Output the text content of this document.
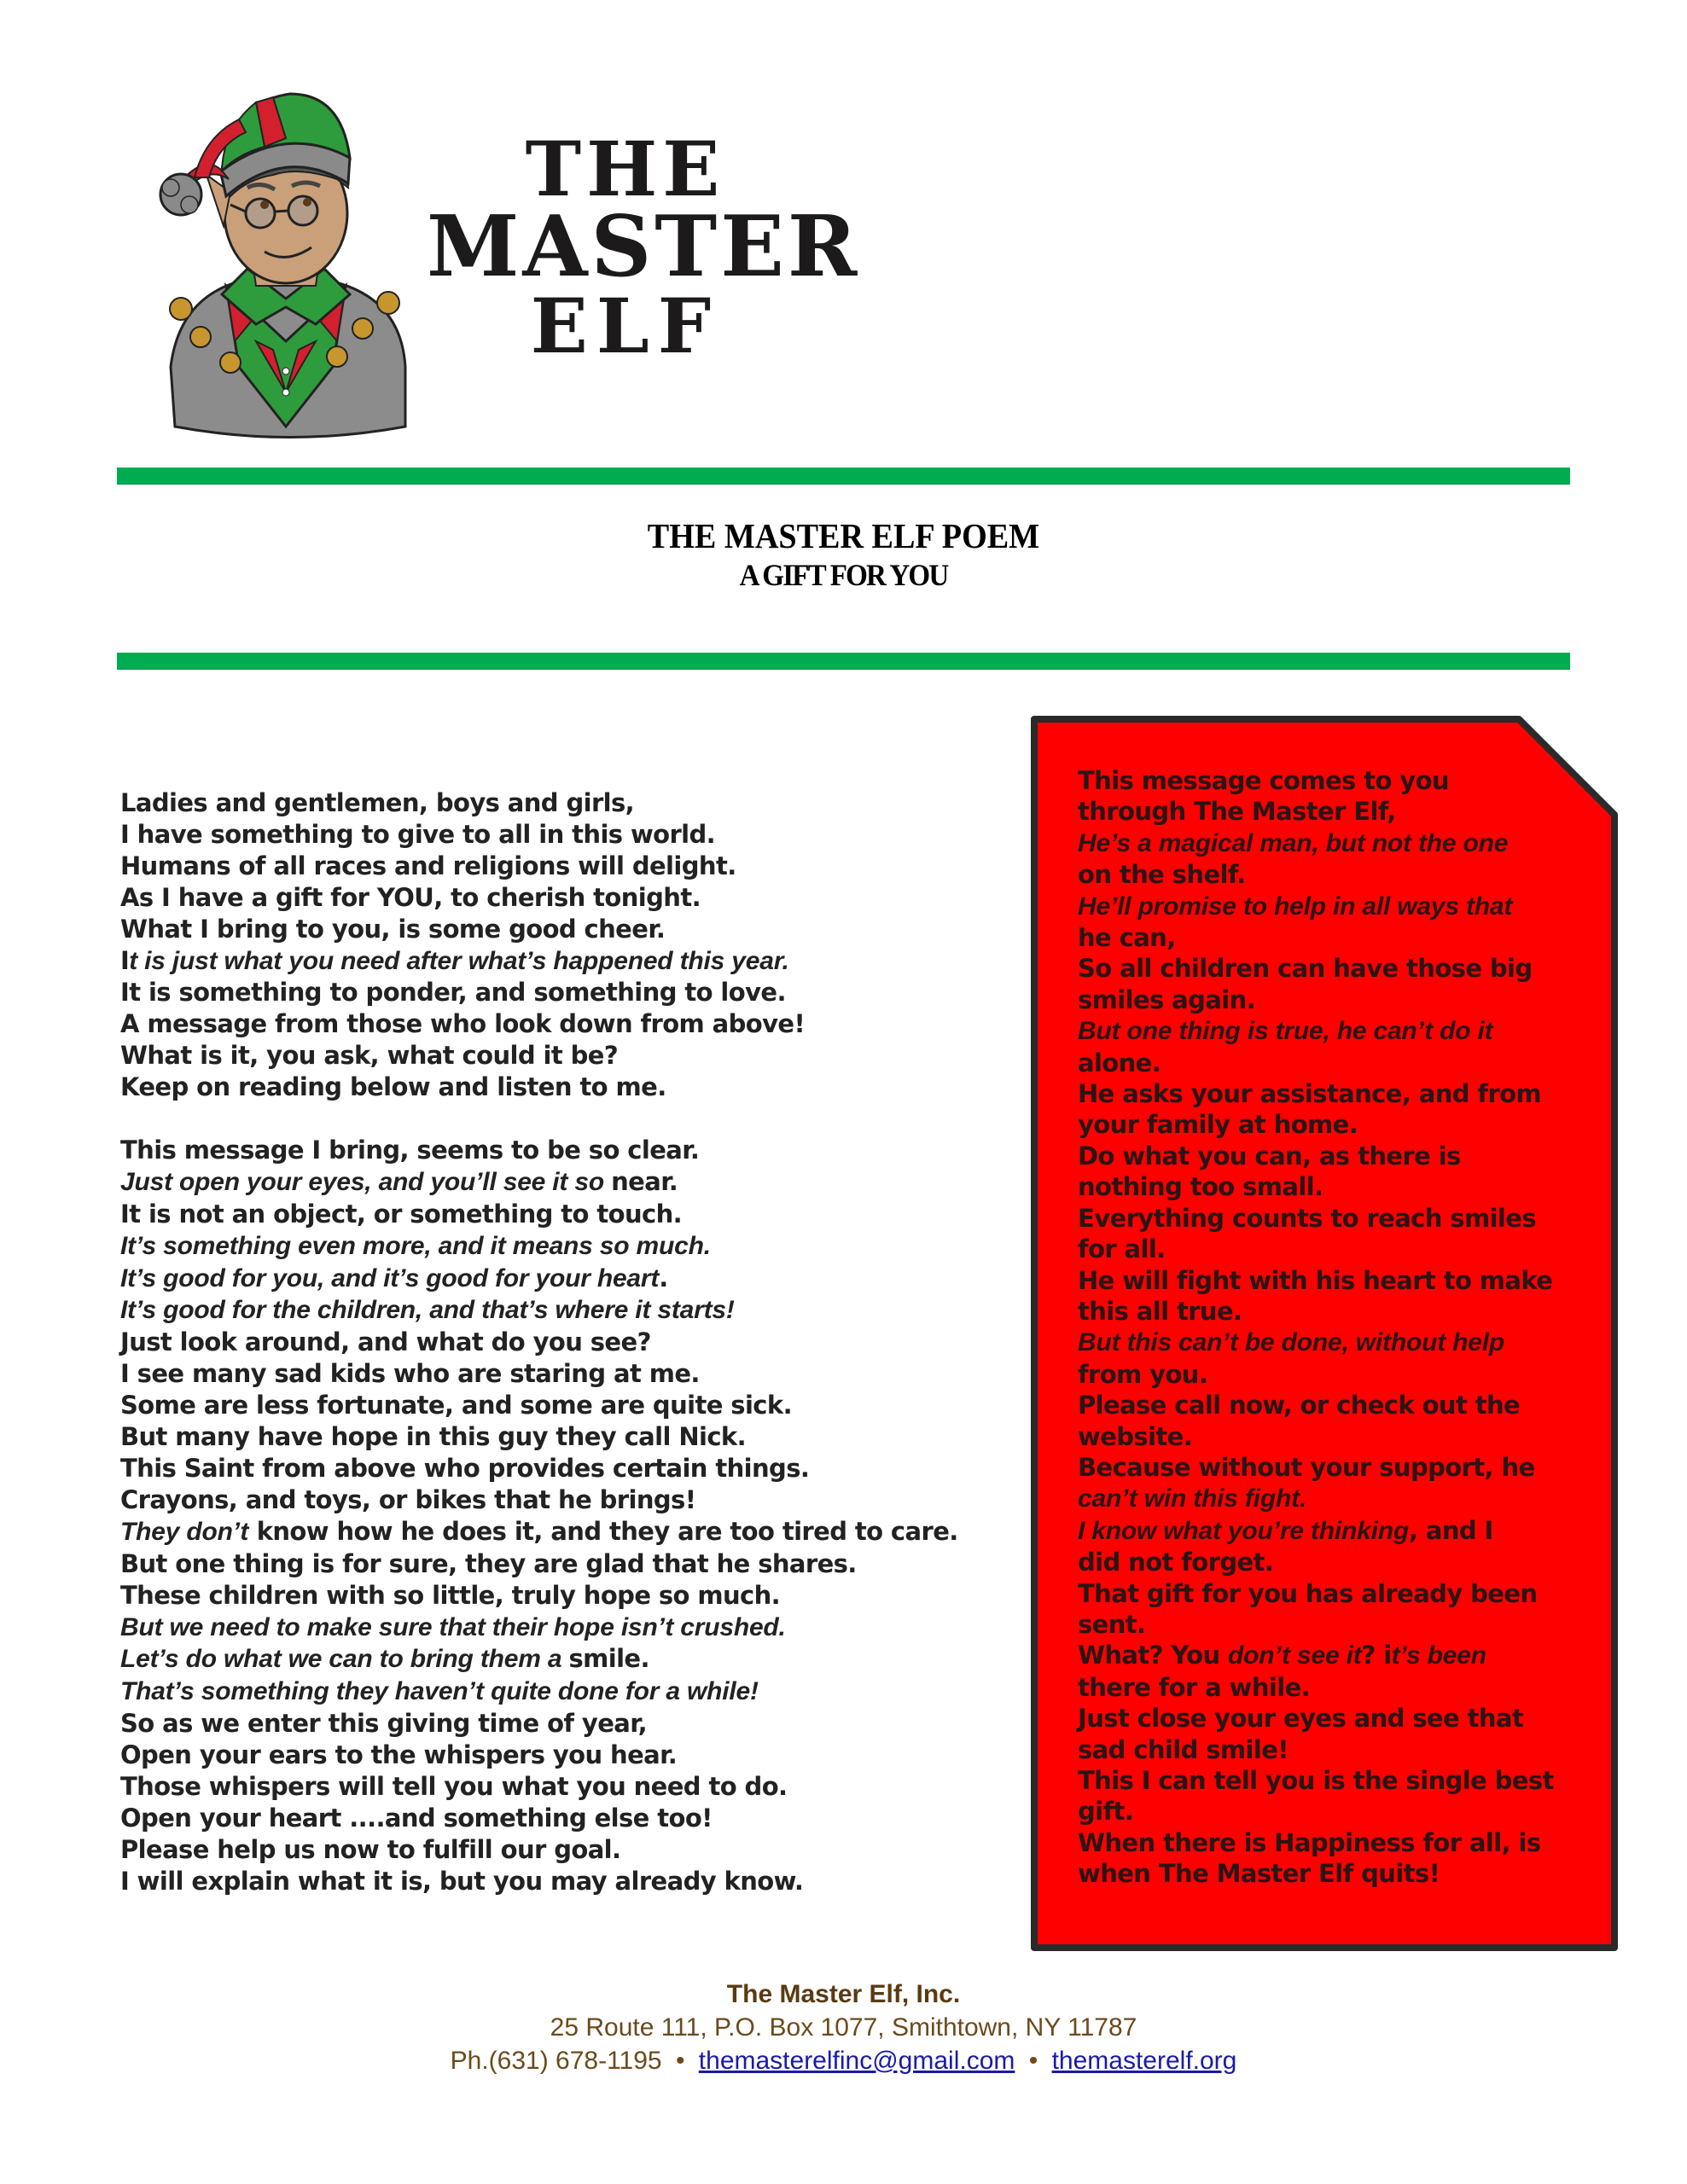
THE
MASTER
ELF
THE MASTER ELF POEM
A GIFT FOR YOU
Ladies and gentlemen, boys and girls,
I have something to give to all in this world.
Humans of all races and religions will delight.
As I have a gift for YOU, to cherish tonight.
What I bring to you, is some good cheer.
It is just what you need after what’s happened this year.
It is something to ponder, and something to love.
A message from those who look down from above!
What is it, you ask, what could it be?
Keep on reading below and listen to me.
This message I bring, seems to be so clear.
Just open your eyes, and you’ll see it so near.
It is not an object, or something to touch.
It’s something even more, and it means so much.
It’s good for you, and it’s good for your heart.
It’s good for the children, and that’s where it starts!
Just look around, and what do you see?
I see many sad kids who are staring at me.
Some are less fortunate, and some are quite sick.
But many have hope in this guy they call Nick.
This Saint from above who provides certain things.
Crayons, and toys, or bikes that he brings!
They don’t know how he does it, and they are too tired to care.
But one thing is for sure, they are glad that he shares.
These children with so little, truly hope so much.
But we need to make sure that their hope isn’t crushed.
Let’s do what we can to bring them a smile.
That’s something they haven’t quite done for a while!
So as we enter this giving time of year,
Open your ears to the whispers you hear.
Those whispers will tell you what you need to do.
Open your heart ....and something else too!
Please help us now to fulfill our goal.
I will explain what it is, but you may already know.
This message comes to you
through The Master Elf,
He’s a magical man, but not the one
on the shelf.
He’ll promise to help in all ways that
he can,
So all children can have those big
smiles again.
But one thing is true, he can’t do it
alone.
He asks your assistance, and from
your family at home.
Do what you can, as there is
nothing too small.
Everything counts to reach smiles
for all.
He will fight with his heart to make
this all true.
But this can’t be done, without help
from you.
Please call now, or check out the
website.
Because without your support, he
can’t win this fight.
I know what you’re thinking, and I
did not forget.
That gift for you has already been
sent.
What? You don’t see it? it’s been
there for a while.
Just close your eyes and see that
sad child smile!
This I can tell you is the single best
gift.
When there is Happiness for all, is
when The Master Elf quits!
The Master Elf, Inc.
25 Route 111, P.O. Box 1077, Smithtown, NY 11787
Ph.(631) 678-1195 • themasterelfinc@gmail.com • themasterelf.org
